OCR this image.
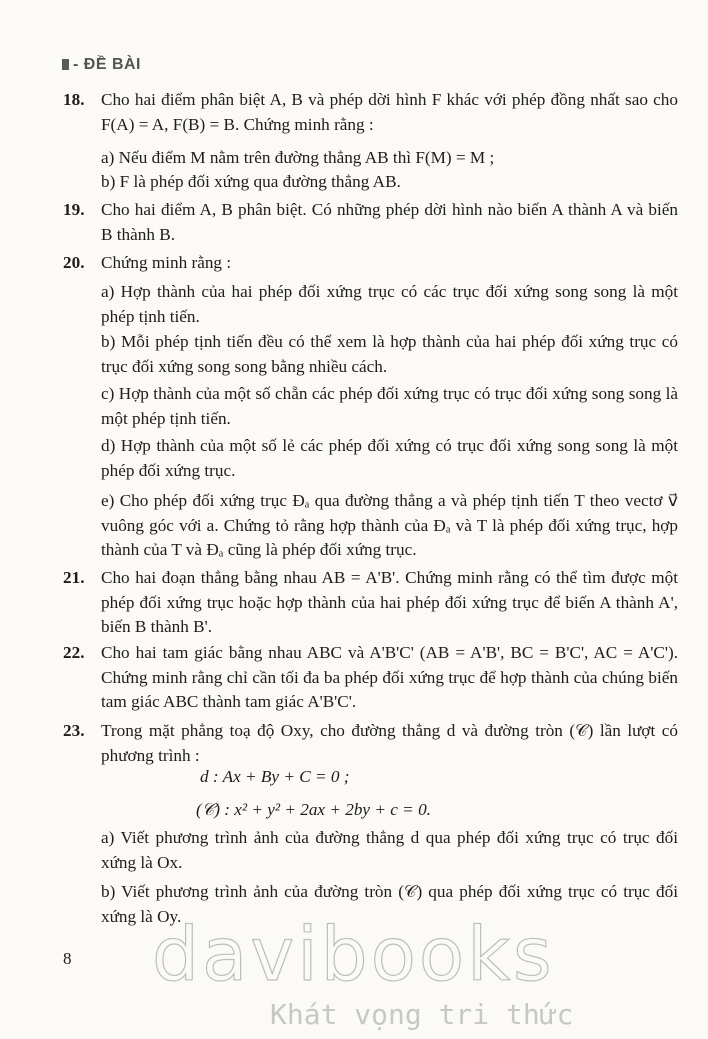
- ĐỀ BÀI
18. Cho hai điểm phân biệt A, B và phép dời hình F khác với phép đồng nhất sao cho F(A) = A, F(B) = B. Chứng minh rằng :
a) Nếu điểm M nằm trên đường thẳng AB thì F(M) = M ;
b) F là phép đối xứng qua đường thẳng AB.
19. Cho hai điểm A, B phân biệt. Có những phép dời hình nào biến A thành A và biến B thành B.
20. Chứng minh rằng :
a) Hợp thành của hai phép đối xứng trục có các trục đối xứng song song là một phép tịnh tiến.
b) Mỗi phép tịnh tiến đều có thể xem là hợp thành của hai phép đối xứng trục có trục đối xứng song song bằng nhiều cách.
c) Hợp thành của một số chẵn các phép đối xứng trục có trục đối xứng song song là một phép tịnh tiến.
d) Hợp thành của một số lẻ các phép đối xứng có trục đối xứng song song là một phép đối xứng trục.
e) Cho phép đối xứng trục Đₐ qua đường thẳng a và phép tịnh tiến T theo vectơ v⃗ vuông góc với a. Chứng tỏ rằng hợp thành của Đₐ và T là phép đối xứng trục, hợp thành của T và Đₐ cũng là phép đối xứng trục.
21. Cho hai đoạn thẳng bằng nhau AB = A'B'. Chứng minh rằng có thể tìm được một phép đối xứng trục hoặc hợp thành của hai phép đối xứng trục để biến A thành A', biến B thành B'.
22. Cho hai tam giác bằng nhau ABC và A'B'C' (AB = A'B', BC = B'C', AC = A'C'). Chứng minh rằng chỉ cần tối đa ba phép đối xứng trục để hợp thành của chúng biến tam giác ABC thành tam giác A'B'C'.
23. Trong mặt phẳng toạ độ Oxy, cho đường thẳng d và đường tròn (𝒞) lần lượt có phương trình :
d : Ax + By + C = 0 ;
(𝒞) : x² + y² + 2ax + 2by + c = 0.
a) Viết phương trình ảnh của đường thẳng d qua phép đối xứng trục có trục đối xứng là Ox.
b) Viết phương trình ảnh của đường tròn (𝒞) qua phép đối xứng trục có trục đối xứng là Oy.
8 davibooks
Khát vọng tri thức
